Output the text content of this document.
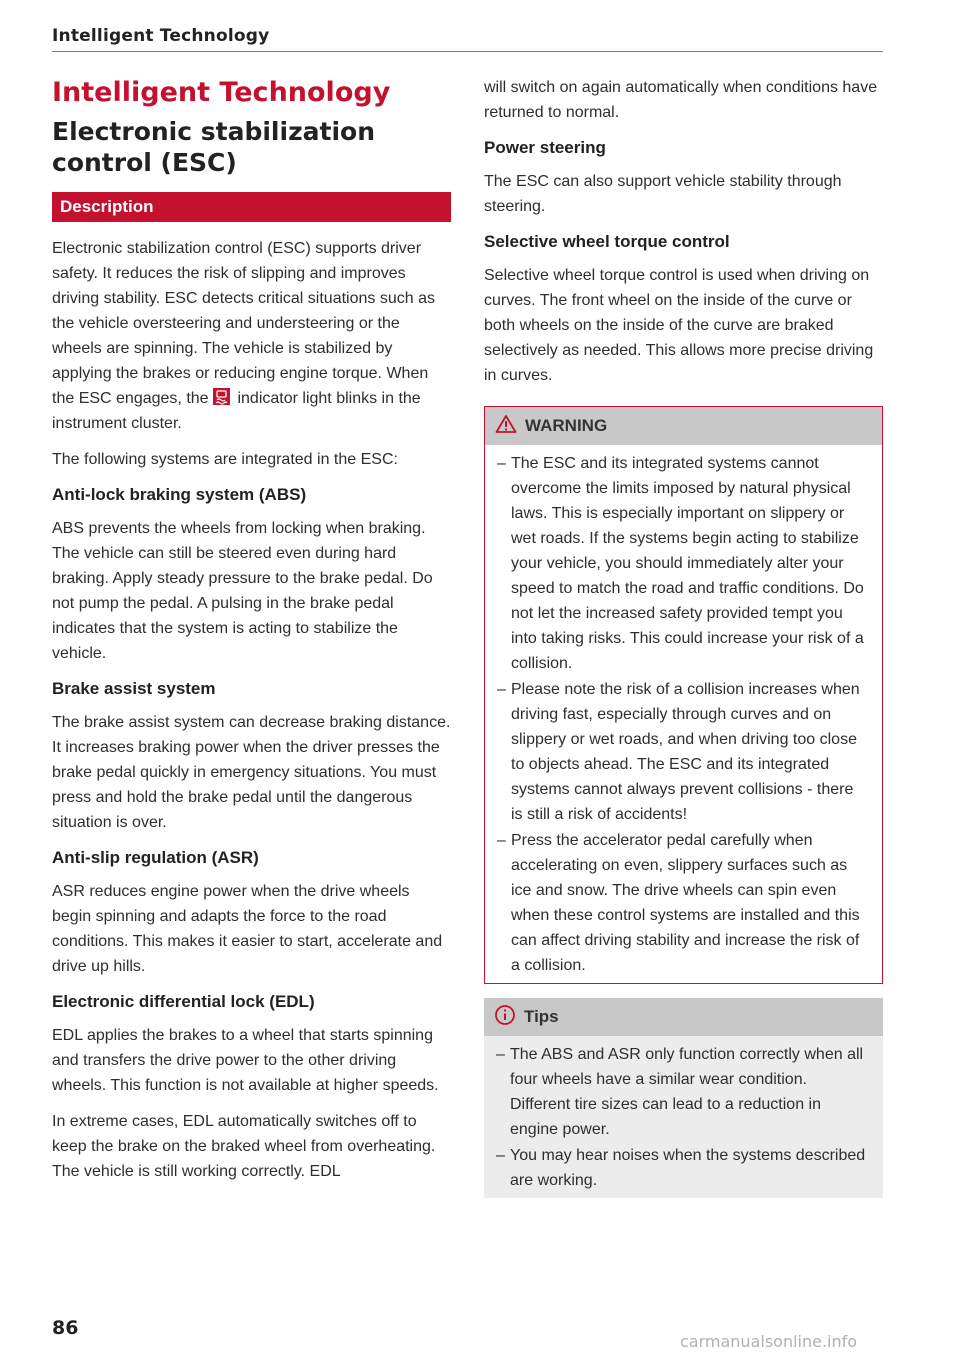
Intelligent Technology
Intelligent Technology
Electronic stabilization control (ESC)
Description

Electronic stabilization control (ESC) supports driver safety. It reduces the risk of slipping and improves driving stability. ESC detects critical situations such as the vehicle oversteering and understeering or the wheels are spinning. The vehicle is stabilized by applying the brakes or reducing engine torque. When the ESC engages, the indicator light blinks in the instrument cluster.

The following systems are integrated in the ESC:

Anti-lock braking system (ABS)

ABS prevents the wheels from locking when braking. The vehicle can still be steered even during hard braking. Apply steady pressure to the brake pedal. Do not pump the pedal. A pulsing in the brake pedal indicates that the system is acting to stabilize the vehicle.

Brake assist system

The brake assist system can decrease braking distance. It increases braking power when the driver presses the brake pedal quickly in emergency situations. You must press and hold the brake pedal until the dangerous situation is over.

Anti-slip regulation (ASR)

ASR reduces engine power when the drive wheels begin spinning and adapts the force to the road conditions. This makes it easier to start, accelerate and drive up hills.

Electronic differential lock (EDL)

EDL applies the brakes to a wheel that starts spinning and transfers the drive power to the other driving wheels. This function is not available at higher speeds.

In extreme cases, EDL automatically switches off to keep the brake on the braked wheel from overheating. The vehicle is still working correctly. EDL

will switch on again automatically when conditions have returned to normal.

Power steering

The ESC can also support vehicle stability through steering.

Selective wheel torque control

Selective wheel torque control is used when driving on curves. The front wheel on the inside of the curve or both wheels on the inside of the curve are braked selectively as needed. This allows more precise driving in curves.

WARNING
– The ESC and its integrated systems cannot overcome the limits imposed by natural physical laws. This is especially important on slippery or wet roads. If the systems begin acting to stabilize your vehicle, you should immediately alter your speed to match the road and traffic conditions. Do not let the increased safety provided tempt you into taking risks. This could increase your risk of a collision.
– Please note the risk of a collision increases when driving fast, especially through curves and on slippery or wet roads, and when driving too close to objects ahead. The ESC and its integrated systems cannot always prevent collisions - there is still a risk of accidents!
– Press the accelerator pedal carefully when accelerating on even, slippery surfaces such as ice and snow. The drive wheels can spin even when these control systems are installed and this can affect driving stability and increase the risk of a collision.
Tips
– The ABS and ASR only function correctly when all four wheels have a similar wear condition. Different tire sizes can lead to a reduction in engine power.
– You may hear noises when the systems described are working.
86
carmanualsonline.info
